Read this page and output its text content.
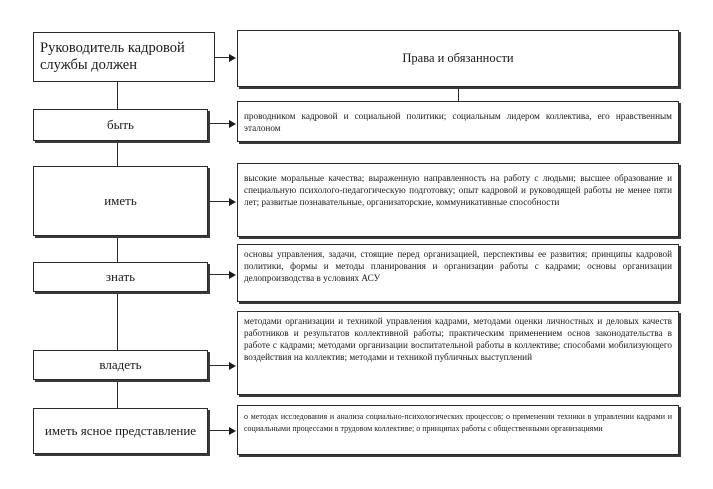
Руководитель кадровой службы должен	Права и обязанности
быть
проводником кадровой и социальной политики; социальным лидером коллектива, его нравственным эталоном
иметь
высокие моральные качества; выраженную направленность на работу с людьми; высшее образование и специальную психолого-педагогическую подготовку; опыт кадровой и руководящей работы не менее пяти лет; развитые познавательные, организаторские, коммуникативные способности
знать
основы управления, задачи, стоящие перед организацией, перспективы ее развития; принципы кадровой политики, формы и методы планирования и организации работы с кадрами; основы организации делопроизводства в условиях АСУ
владеть
методами организации и техникой управления кадрами, методами оценки личностных и деловых качеств работников и результатов коллективной работы; практическим применением основ законодательства в работе с кадрами; методами организации воспитательной работы в коллективе; способами мобилизующего воздействия на коллектив; методами и техникой публичных выступлений
иметь ясное представление
о методах исследования и анализа социально-психологических процессов; о применении техники в управлении кадрами и социальными процессами в трудовом коллективе; о принципах работы с общественными организациями
